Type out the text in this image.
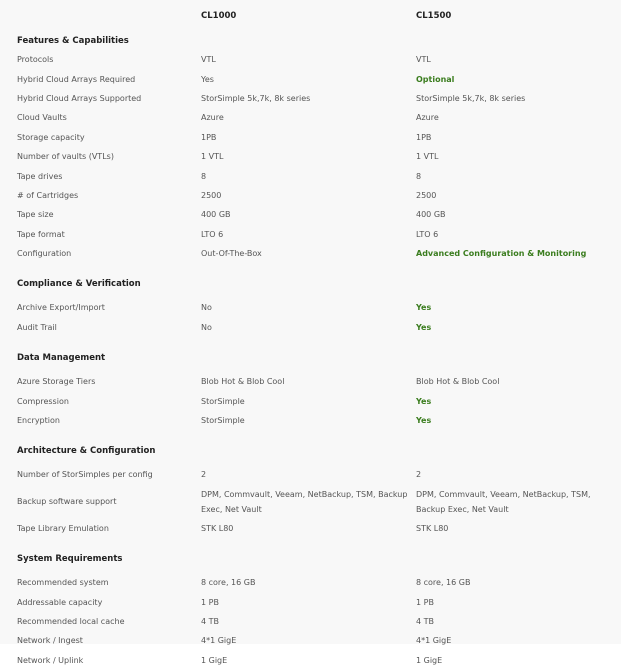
	CL1000	CL1500
Features & Capabilities		
Protocols	VTL	VTL
Hybrid Cloud Arrays Required	Yes	Optional
Hybrid Cloud Arrays Supported	StorSimple 5k,7k, 8k series	StorSimple 5k,7k, 8k series
Cloud Vaults	Azure	Azure
Storage capacity	1PB	1PB
Number of vaults (VTLs)	1 VTL	1 VTL
Tape drives	8	8
# of Cartridges	2500	2500
Tape size	400 GB	400 GB
Tape format	LTO 6	LTO 6
Configuration	Out-Of-The-Box	Advanced Configuration & Monitoring
Compliance & Verification		
Archive Export/Import	No	Yes
Audit Trail	No	Yes
Data Management		
Azure Storage Tiers	Blob Hot & Blob Cool	Blob Hot & Blob Cool
Compression	StorSimple	Yes
Encryption	StorSimple	Yes
Architecture & Configuration		
Number of StorSimples per config	2	2
Backup software support	DPM, Commvault, Veeam, NetBackup, TSM, Backup Exec, Net Vault	DPM, Commvault, Veeam, NetBackup, TSM, Backup Exec, Net Vault
Tape Library Emulation	STK L80	STK L80
System Requirements		
Recommended system	8 core, 16 GB	8 core, 16 GB
Addressable capacity	1 PB	1 PB
Recommended local cache	4 TB	4 TB
Network / Ingest	4*1 GigE	4*1 GigE
Network / Uplink	1 GigE	1 GigE
